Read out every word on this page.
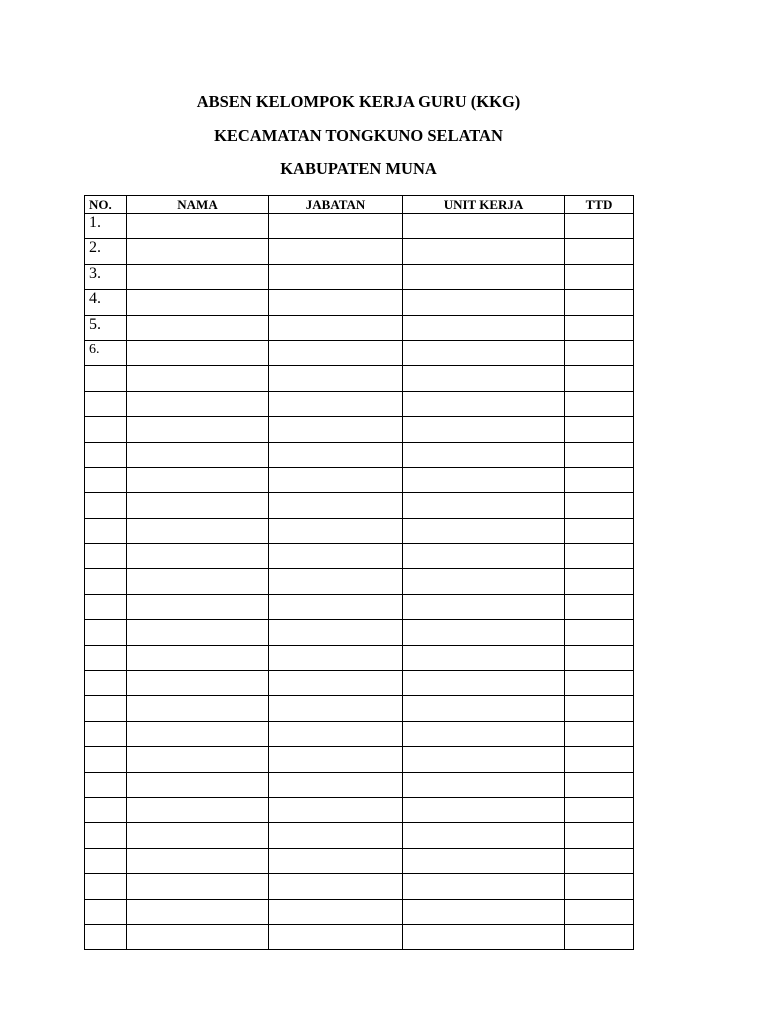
ABSEN KELOMPOK KERJA GURU (KKG)
KECAMATAN TONGKUNO SELATAN
KABUPATEN MUNA
NO.	NAMA	JABATAN	UNIT KERJA	TTD
1.				
2.				
3.				
4.				
5.				
6.				
